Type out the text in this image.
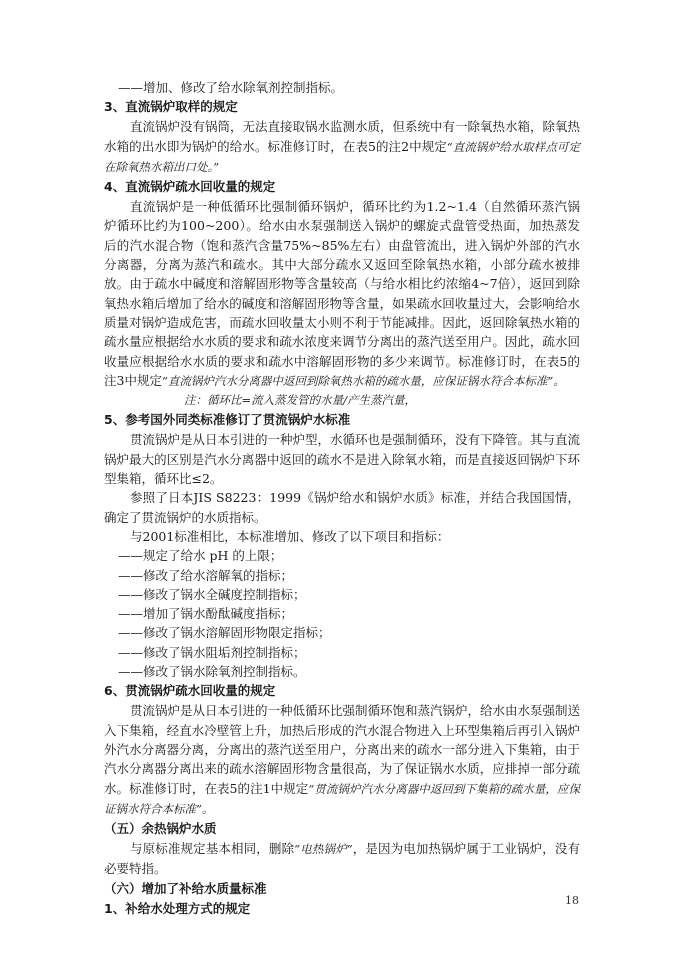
——增加、修改了给水除氧剂控制指标。

3、直流锅炉取样的规定

直流锅炉没有锅筒，无法直接取锅水监测水质，但系统中有一除氧热水箱，除氧热水箱的出水即为锅炉的给水。标准修订时，在表5的注2中规定“直流锅炉给水取样点可定在除氧热水箱出口处。”

4、直流锅炉疏水回收量的规定

直流锅炉是一种低循环比强制循环锅炉，循环比约为1.2~1.4（自然循环蒸汽锅炉循环比约为100~200）。给水由水泵强制送入锅炉的螺旋式盘管受热面，加热蒸发后的汽水混合物（饱和蒸汽含量75%~85%左右）由盘管流出，进入锅炉外部的汽水分离器，分离为蒸汽和疏水。其中大部分疏水又返回至除氧热水箱，小部分疏水被排放。由于疏水中碱度和溶解固形物等含量较高（与给水相比约浓缩4~7倍），返回到除氧热水箱后增加了给水的碱度和溶解固形物等含量，如果疏水回收量过大，会影响给水质量对锅炉造成危害，而疏水回收量太小则不利于节能减排。因此，返回除氧热水箱的疏水量应根据给水水质的要求和疏水浓度来调节分离出的蒸汽送至用户。因此，疏水回收量应根据给水水质的要求和疏水中溶解固形物的多少来调节。标准修订时，在表5的注3中规定“直流锅炉汽水分离器中返回到除氧热水箱的疏水量，应保证锅水符合本标准”。

注：循环比=流入蒸发管的水量/产生蒸汽量，

5、参考国外同类标准修订了贯流锅炉水标准

贯流锅炉是从日本引进的一种炉型，水循环也是强制循环，没有下降管。其与直流锅炉最大的区别是汽水分离器中返回的疏水不是进入除氧水箱，而是直接返回锅炉下环型集箱，循环比≤2。

参照了日本JIS S8223：1999《锅炉给水和锅炉水质》标准，并结合我国国情，确定了贯流锅炉的水质指标。

与2001标准相比，本标准增加、修改了以下项目和指标：

——规定了给水 pH 的上限；

——修改了给水溶解氧的指标；

——修改了锅水全碱度控制指标；

——增加了锅水酚酞碱度指标；

——修改了锅水溶解固形物限定指标；

——修改了锅水阻垢剂控制指标；

——修改了锅水除氧剂控制指标。

6、贯流锅炉疏水回收量的规定

贯流锅炉是从日本引进的一种低循环比强制循环饱和蒸汽锅炉，给水由水泵强制送入下集箱，经直水冷壁管上升，加热后形成的汽水混合物进入上环型集箱后再引入锅炉外汽水分离器分离，分离出的蒸汽送至用户，分离出来的疏水一部分进入下集箱，由于汽水分离器分离出来的疏水溶解固形物含量很高，为了保证锅水水质，应排掉一部分疏水。标准修订时，在表5的注1中规定“贯流锅炉汽水分离器中返回到下集箱的疏水量，应保证锅水符合本标准”。

（五）余热锅炉水质

与原标准规定基本相同，删除“电热锅炉”，是因为电加热锅炉属于工业锅炉，没有必要特指。

（六）增加了补给水质量标准

1、补给水处理方式的规定

18
